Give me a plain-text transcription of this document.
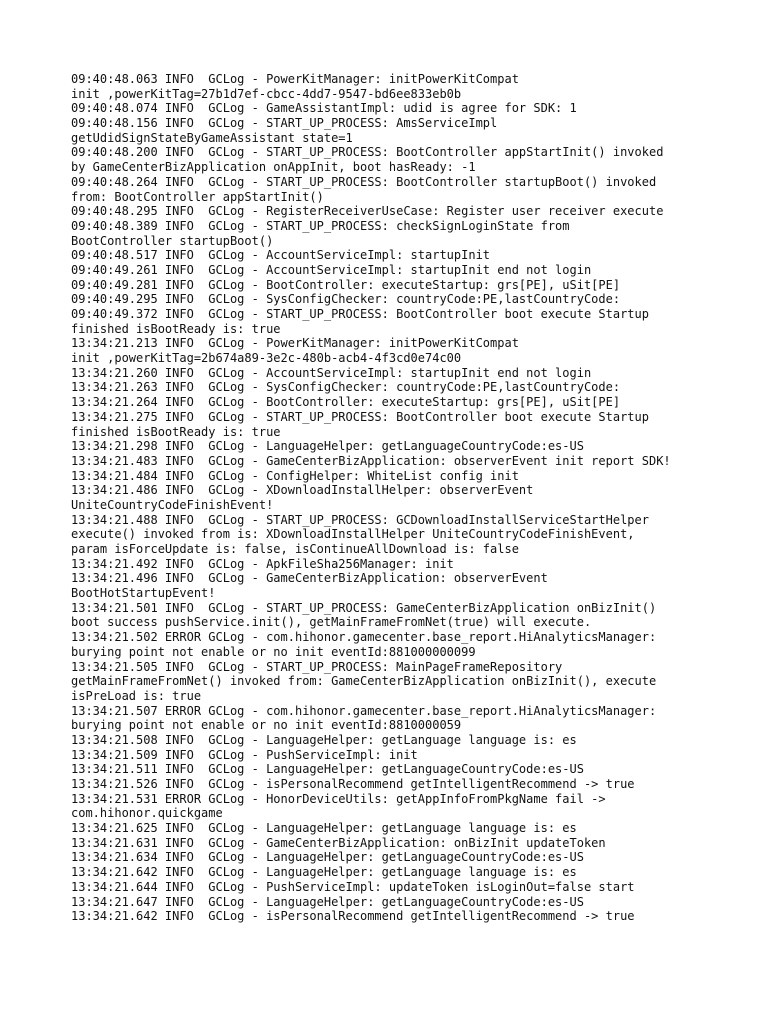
09:40:48.063 INFO  GCLog - PowerKitManager: initPowerKitCompat
init ,powerKitTag=27b1d7ef-cbcc-4dd7-9547-bd6ee833eb0b
09:40:48.074 INFO  GCLog - GameAssistantImpl: udid is agree for SDK: 1
09:40:48.156 INFO  GCLog - START_UP_PROCESS: AmsServiceImpl
getUdidSignStateByGameAssistant state=1
09:40:48.200 INFO  GCLog - START_UP_PROCESS: BootController appStartInit() invoked
by GameCenterBizApplication onAppInit, boot hasReady: -1
09:40:48.264 INFO  GCLog - START_UP_PROCESS: BootController startupBoot() invoked
from: BootController appStartInit()
09:40:48.295 INFO  GCLog - RegisterReceiverUseCase: Register user receiver execute
09:40:48.389 INFO  GCLog - START_UP_PROCESS: checkSignLoginState from
BootController startupBoot()
09:40:48.517 INFO  GCLog - AccountServiceImpl: startupInit
09:40:49.261 INFO  GCLog - AccountServiceImpl: startupInit end not login
09:40:49.281 INFO  GCLog - BootController: executeStartup: grs[PE], uSit[PE]
09:40:49.295 INFO  GCLog - SysConfigChecker: countryCode:PE,lastCountryCode:
09:40:49.372 INFO  GCLog - START_UP_PROCESS: BootController boot execute Startup
finished isBootReady is: true
13:34:21.213 INFO  GCLog - PowerKitManager: initPowerKitCompat
init ,powerKitTag=2b674a89-3e2c-480b-acb4-4f3cd0e74c00
13:34:21.260 INFO  GCLog - AccountServiceImpl: startupInit end not login
13:34:21.263 INFO  GCLog - SysConfigChecker: countryCode:PE,lastCountryCode:
13:34:21.264 INFO  GCLog - BootController: executeStartup: grs[PE], uSit[PE]
13:34:21.275 INFO  GCLog - START_UP_PROCESS: BootController boot execute Startup
finished isBootReady is: true
13:34:21.298 INFO  GCLog - LanguageHelper: getLanguageCountryCode:es-US
13:34:21.483 INFO  GCLog - GameCenterBizApplication: observerEvent init report SDK!
13:34:21.484 INFO  GCLog - ConfigHelper: WhiteList config init
13:34:21.486 INFO  GCLog - XDownloadInstallHelper: observerEvent
UniteCountryCodeFinishEvent!
13:34:21.488 INFO  GCLog - START_UP_PROCESS: GCDownloadInstallServiceStartHelper
execute() invoked from is: XDownloadInstallHelper UniteCountryCodeFinishEvent,
param isForceUpdate is: false, isContinueAllDownload is: false
13:34:21.492 INFO  GCLog - ApkFileSha256Manager: init
13:34:21.496 INFO  GCLog - GameCenterBizApplication: observerEvent
BootHotStartupEvent!
13:34:21.501 INFO  GCLog - START_UP_PROCESS: GameCenterBizApplication onBizInit()
boot success pushService.init(), getMainFrameFromNet(true) will execute.
13:34:21.502 ERROR GCLog - com.hihonor.gamecenter.base_report.HiAnalyticsManager:
burying point not enable or no init eventId:881000000099
13:34:21.505 INFO  GCLog - START_UP_PROCESS: MainPageFrameRepository
getMainFrameFromNet() invoked from: GameCenterBizApplication onBizInit(), execute
isPreLoad is: true
13:34:21.507 ERROR GCLog - com.hihonor.gamecenter.base_report.HiAnalyticsManager:
burying point not enable or no init eventId:8810000059
13:34:21.508 INFO  GCLog - LanguageHelper: getLanguage language is: es
13:34:21.509 INFO  GCLog - PushServiceImpl: init
13:34:21.511 INFO  GCLog - LanguageHelper: getLanguageCountryCode:es-US
13:34:21.526 INFO  GCLog - isPersonalRecommend getIntelligentRecommend -> true
13:34:21.531 ERROR GCLog - HonorDeviceUtils: getAppInfoFromPkgName fail ->
com.hihonor.quickgame
13:34:21.625 INFO  GCLog - LanguageHelper: getLanguage language is: es
13:34:21.631 INFO  GCLog - GameCenterBizApplication: onBizInit updateToken
13:34:21.634 INFO  GCLog - LanguageHelper: getLanguageCountryCode:es-US
13:34:21.642 INFO  GCLog - LanguageHelper: getLanguage language is: es
13:34:21.644 INFO  GCLog - PushServiceImpl: updateToken isLoginOut=false start
13:34:21.647 INFO  GCLog - LanguageHelper: getLanguageCountryCode:es-US
13:34:21.642 INFO  GCLog - isPersonalRecommend getIntelligentRecommend -> true
